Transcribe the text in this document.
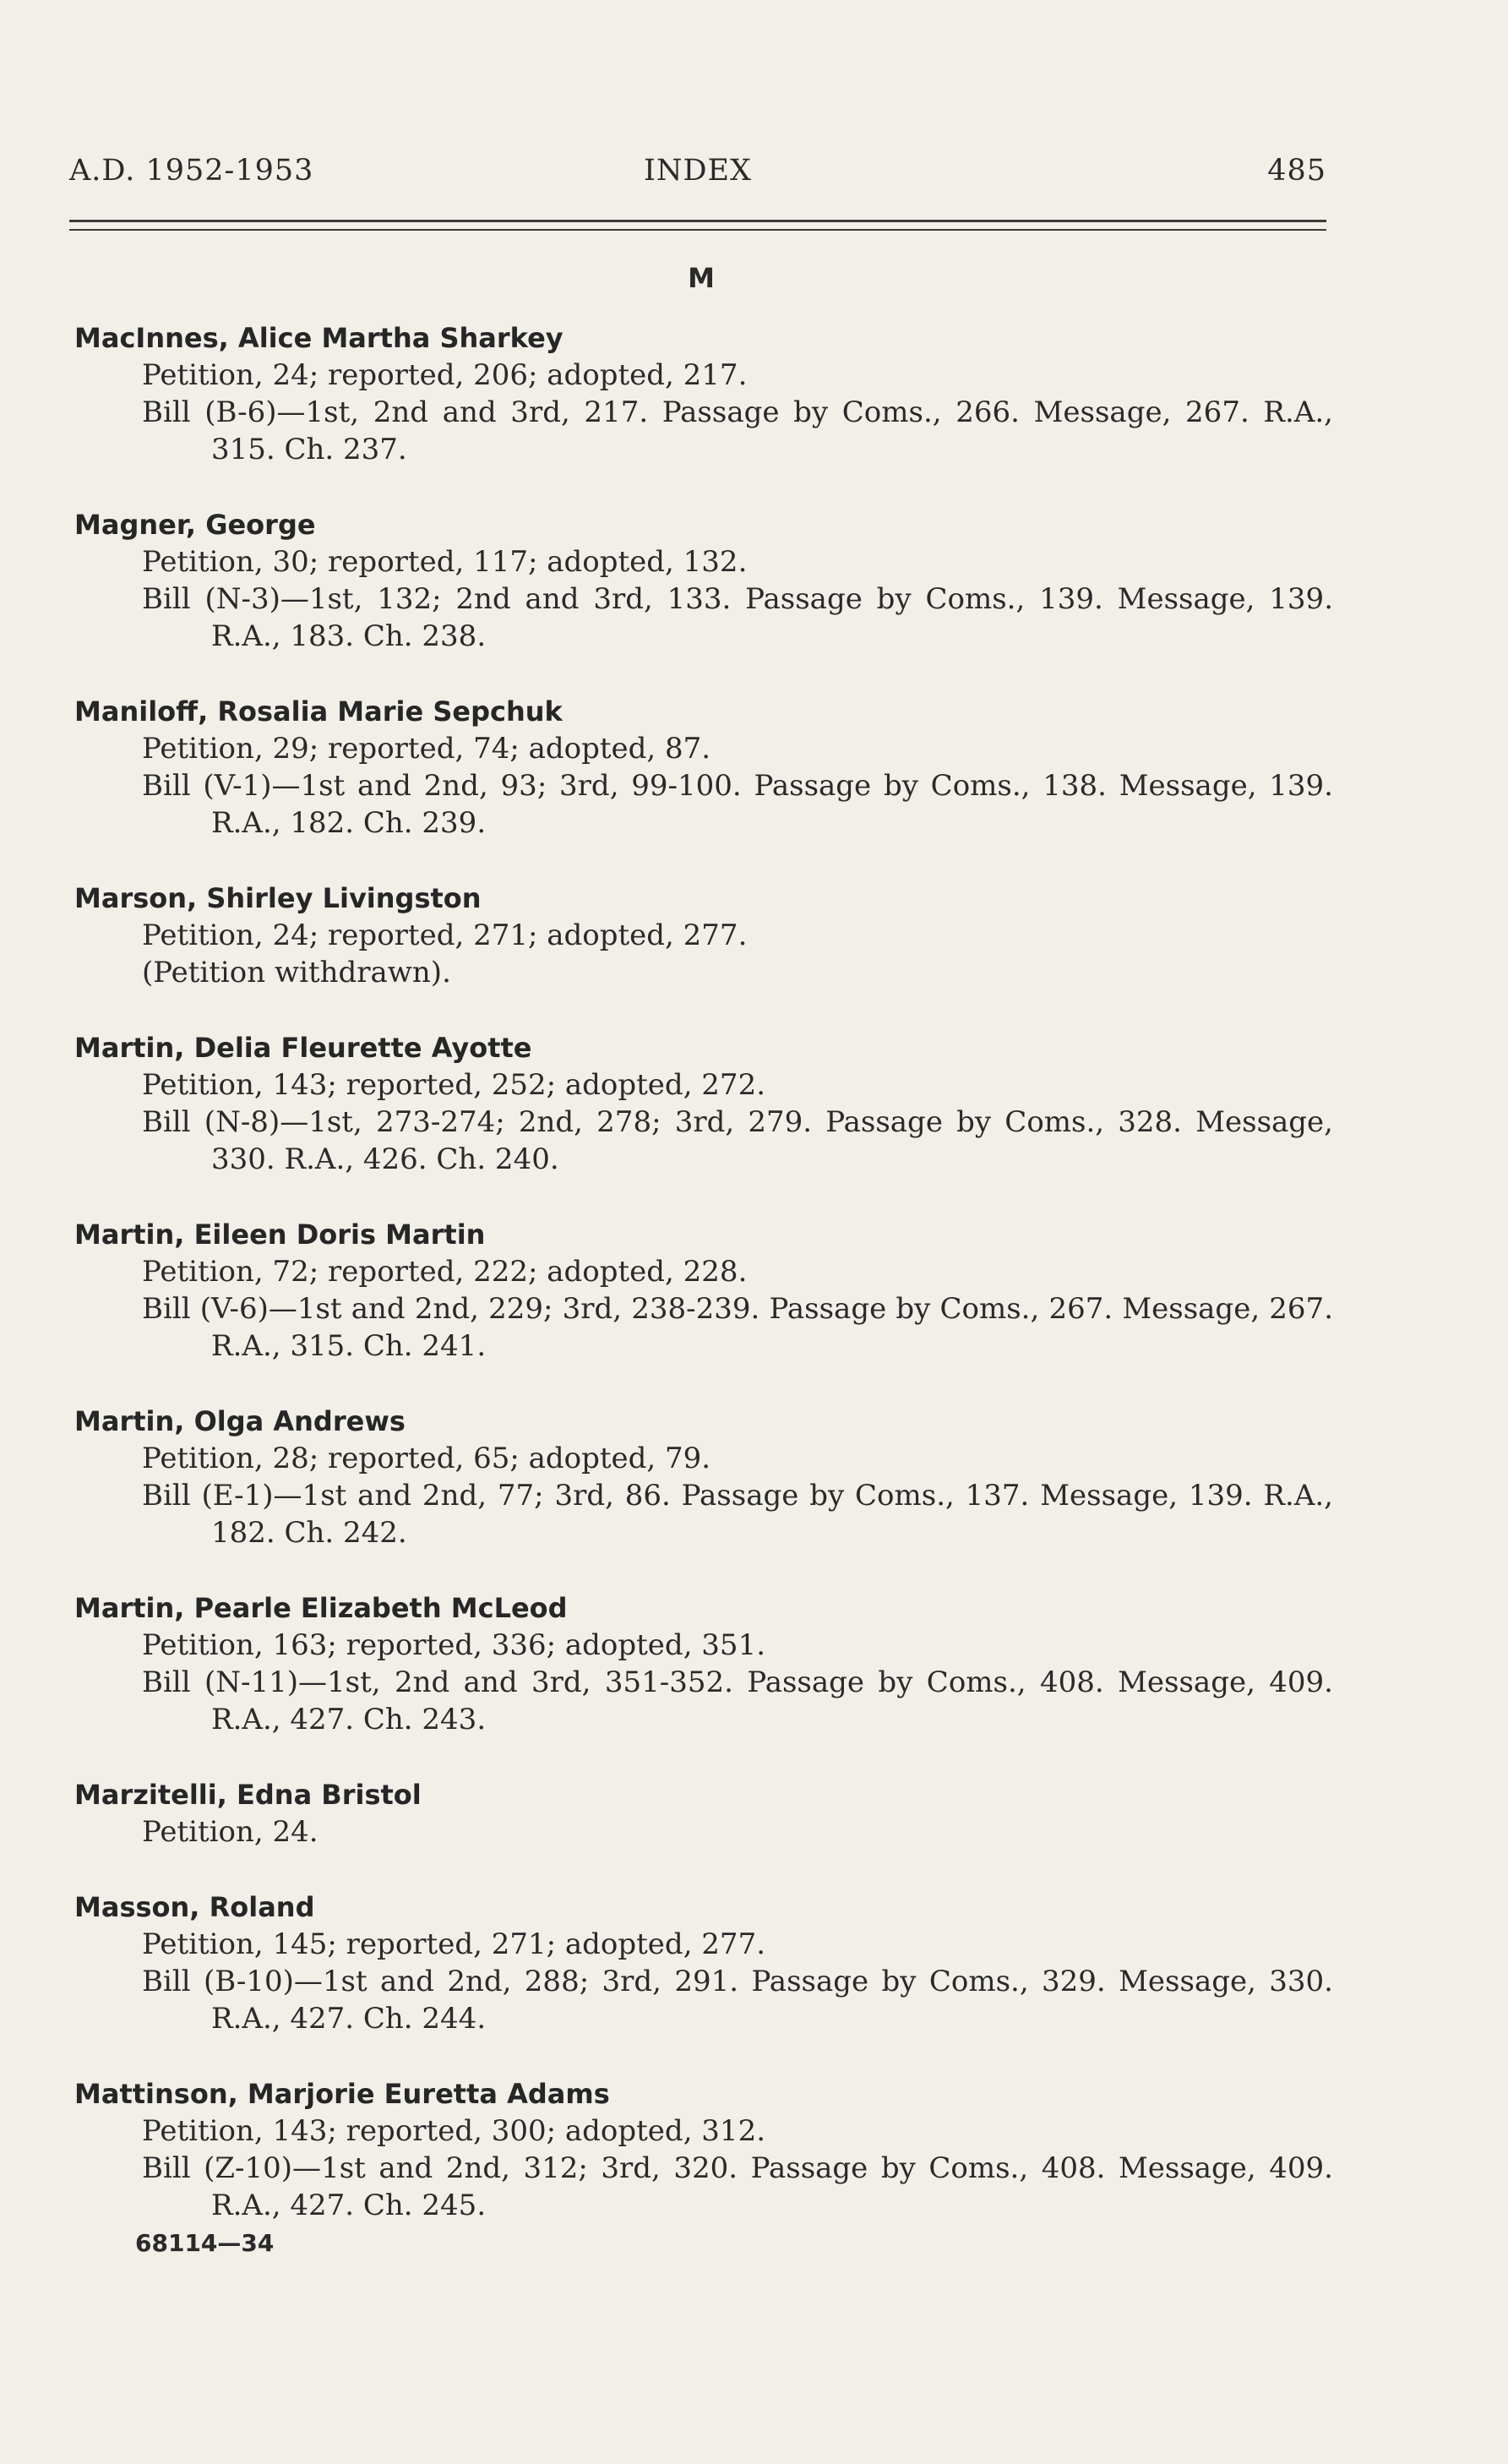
A.D. 1952-1953	INDEX	485
M
MacInnes, Alice Martha Sharkey
Petition, 24; reported, 206; adopted, 217.
Bill (B-6)—1st, 2nd and 3rd, 217. Passage by Coms., 266. Message, 267. R.A., 315. Ch. 237.
Magner, George
Petition, 30; reported, 117; adopted, 132.
Bill (N-3)—1st, 132; 2nd and 3rd, 133. Passage by Coms., 139. Message, 139. R.A., 183. Ch. 238.
Maniloff, Rosalia Marie Sepchuk
Petition, 29; reported, 74; adopted, 87.
Bill (V-1)—1st and 2nd, 93; 3rd, 99-100. Passage by Coms., 138. Message, 139. R.A., 182. Ch. 239.
Marson, Shirley Livingston
Petition, 24; reported, 271; adopted, 277.
(Petition withdrawn).
Martin, Delia Fleurette Ayotte
Petition, 143; reported, 252; adopted, 272.
Bill (N-8)—1st, 273-274; 2nd, 278; 3rd, 279. Passage by Coms., 328. Message, 330. R.A., 426. Ch. 240.
Martin, Eileen Doris Martin
Petition, 72; reported, 222; adopted, 228.
Bill (V-6)—1st and 2nd, 229; 3rd, 238-239. Passage by Coms., 267. Message, 267. R.A., 315. Ch. 241.
Martin, Olga Andrews
Petition, 28; reported, 65; adopted, 79.
Bill (E-1)—1st and 2nd, 77; 3rd, 86. Passage by Coms., 137. Message, 139. R.A., 182. Ch. 242.
Martin, Pearle Elizabeth McLeod
Petition, 163; reported, 336; adopted, 351.
Bill (N-11)—1st, 2nd and 3rd, 351-352. Passage by Coms., 408. Message, 409. R.A., 427. Ch. 243.
Marzitelli, Edna Bristol
Petition, 24.
Masson, Roland
Petition, 145; reported, 271; adopted, 277.
Bill (B-10)—1st and 2nd, 288; 3rd, 291. Passage by Coms., 329. Message, 330. R.A., 427. Ch. 244.
Mattinson, Marjorie Euretta Adams
Petition, 143; reported, 300; adopted, 312.
Bill (Z-10)—1st and 2nd, 312; 3rd, 320. Passage by Coms., 408. Message, 409. R.A., 427. Ch. 245.
68114—34
